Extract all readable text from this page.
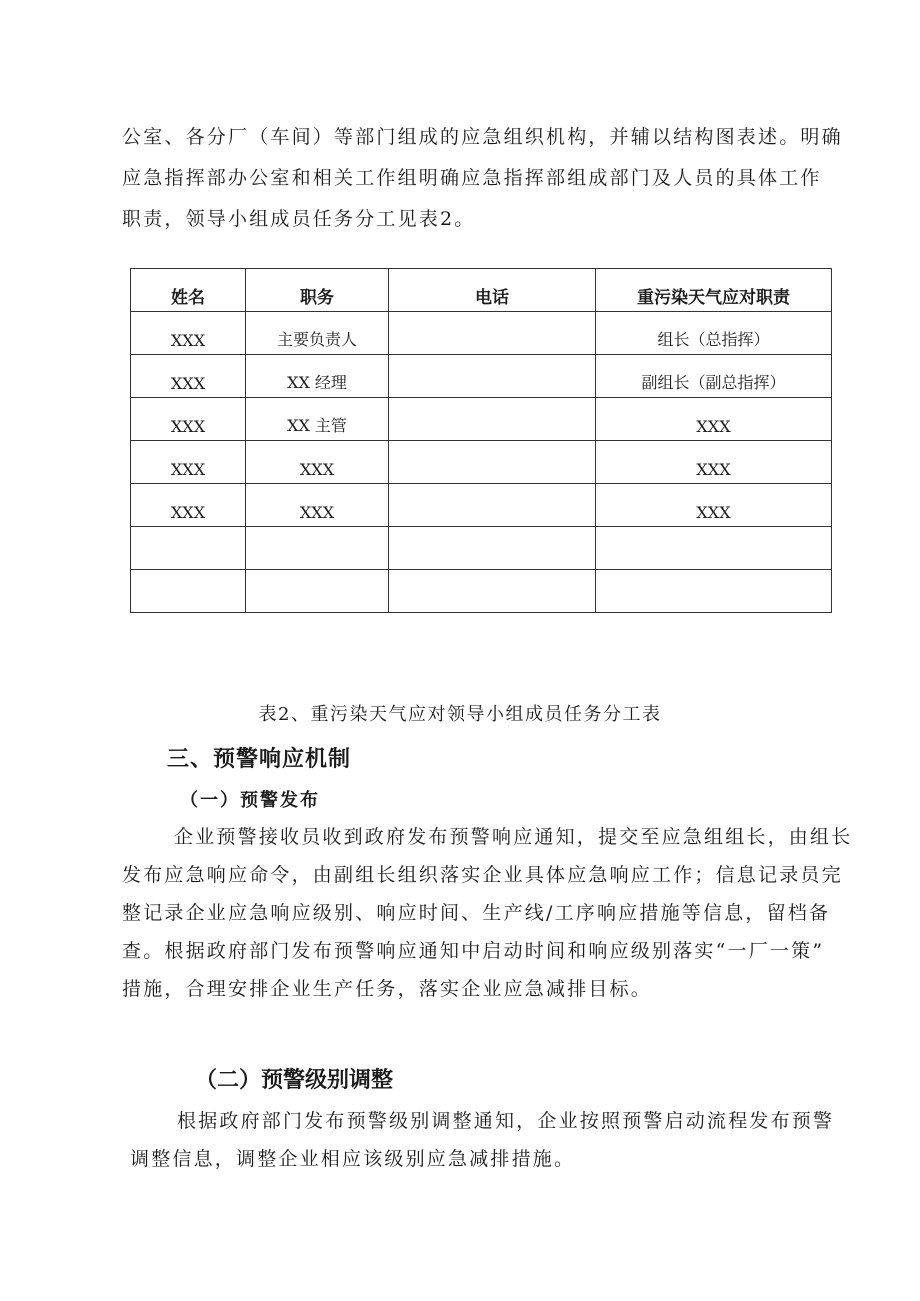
公室、各分厂（车间）等部门组成的应急组织机构，并辅以结构图表述。明确
应急指挥部办公室和相关工作组明确应急指挥部组成部门及人员的具体工作
职责，领导小组成员任务分工见表2。
姓名	职务	电话	重污染天气应对职责
XXX	主要负责人		组长（总指挥）
XXX	XX 经理		副组长（副总指挥）
XXX	XX 主管		XXX
XXX	XXX		XXX
XXX	XXX		XXX

表2、重污染天气应对领导小组成员任务分工表

三、预警响应机制
（一）预警发布
企业预警接收员收到政府发布预警响应通知，提交至应急组组长，由组长
发布应急响应命令，由副组长组织落实企业具体应急响应工作；信息记录员完
整记录企业应急响应级别、响应时间、生产线/工序响应措施等信息，留档备
查。根据政府部门发布预警响应通知中启动时间和响应级别落实“一厂一策”
措施，合理安排企业生产任务，落实企业应急减排目标。
（二）预警级别调整
根据政府部门发布预警级别调整通知，企业按照预警启动流程发布预警
调整信息，调整企业相应该级别应急减排措施。
